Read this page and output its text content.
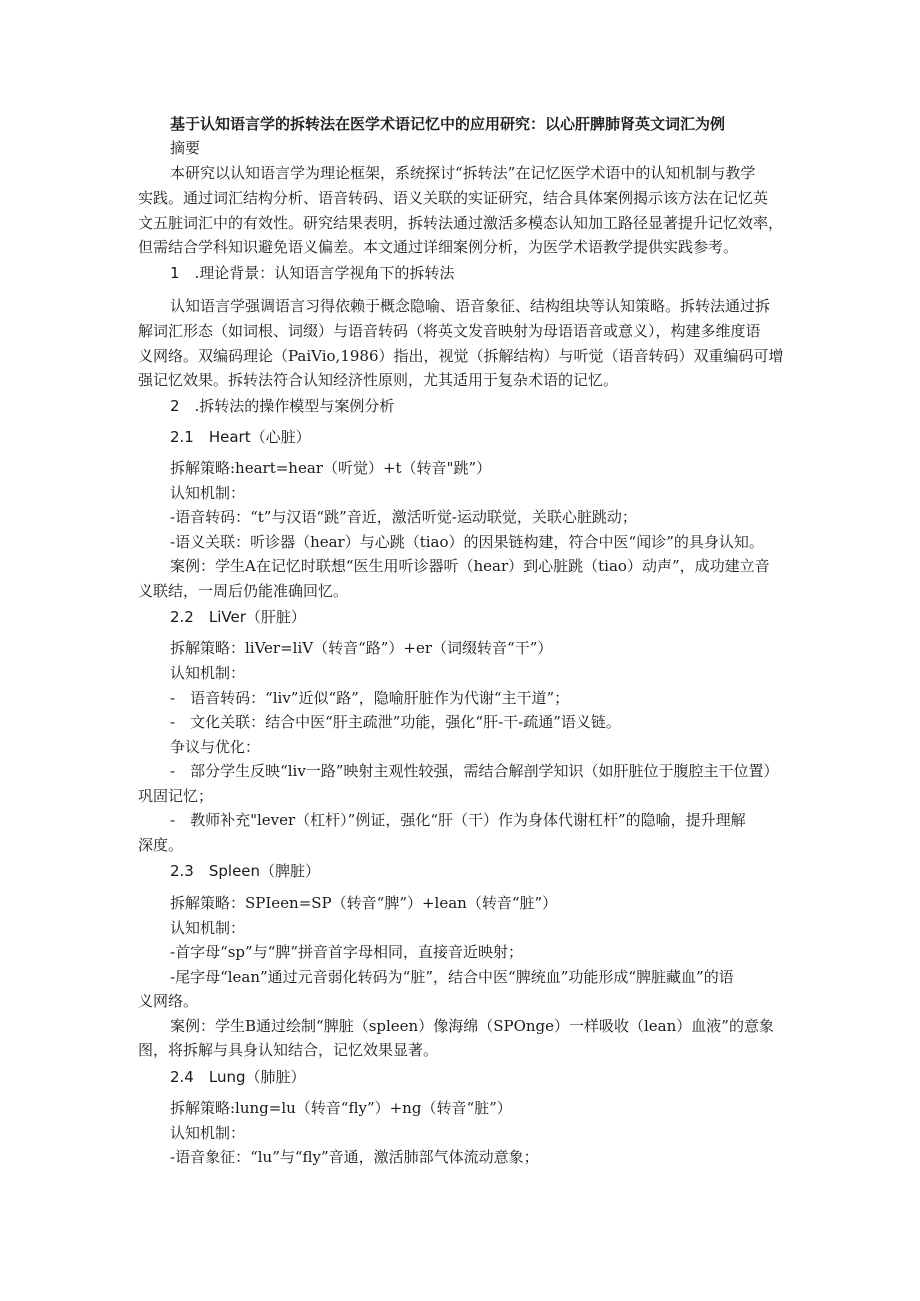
基于认知语言学的拆转法在医学术语记忆中的应用研究：以心肝脾肺肾英文词汇为例
摘要
本研究以认知语言学为理论框架，系统探讨“拆转法”在记忆医学术语中的认知机制与教学
实践。通过词汇结构分析、语音转码、语义关联的实证研究，结合具体案例揭示该方法在记忆英
文五脏词汇中的有效性。研究结果表明，拆转法通过激活多模态认知加工路径显著提升记忆效率，
但需结合学科知识避免语义偏差。本文通过详细案例分析，为医学术语教学提供实践参考。
1　.理论背景：认知语言学视角下的拆转法
认知语言学强调语言习得依赖于概念隐喻、语音象征、结构组块等认知策略。拆转法通过拆
解词汇形态（如词根、词缀）与语音转码（将英文发音映射为母语语音或意义），构建多维度语
义网络。双编码理论（PaiVio,1986）指出，视觉（拆解结构）与听觉（语音转码）双重编码可增
强记忆效果。拆转法符合认知经济性原则，尤其适用于复杂术语的记忆。
2　.拆转法的操作模型与案例分析
2.1　Heart（心脏）
拆解策略:heart=hear（听觉）+t（转音"跳”）
认知机制：
-语音转码：“t”与汉语“跳”音近，激活听觉-运动联觉，关联心脏跳动；
-语义关联：听诊器（hear）与心跳（tiao）的因果链构建，符合中医“闻诊”的具身认知。
案例：学生A在记忆时联想“医生用听诊器听（hear）到心脏跳（tiao）动声”，成功建立音
义联结，一周后仍能准确回忆。
2.2　LiVer（肝脏）
拆解策略：liVer=liV（转音“路”）+er（词缀转音“干”）
认知机制：
-　语音转码：“liv”近似“路”，隐喻肝脏作为代谢“主干道”；
-　文化关联：结合中医“肝主疏泄”功能，强化“肝-干-疏通”语义链。
争议与优化：
-　部分学生反映“liv一路”映射主观性较强，需结合解剖学知识（如肝脏位于腹腔主干位置）
巩固记忆；
-　教师补充"lever（杠杆）”例证，强化“肝（干）作为身体代谢杠杆”的隐喻，提升理解
深度。
2.3　Spleen（脾脏）
拆解策略：SPIeen=SP（转音“脾”）+lean（转音“脏”）
认知机制：
-首字母“sp”与“脾”拼音首字母相同，直接音近映射；
-尾字母“lean”通过元音弱化转码为“脏”，结合中医“脾统血”功能形成“脾脏藏血”的语
义网络。
案例：学生B通过绘制“脾脏（spleen）像海绵（SPOnge）一样吸收（lean）血液”的意象
图，将拆解与具身认知结合，记忆效果显著。
2.4　Lung（肺脏）
拆解策略:lung=lu（转音“fly”）+ng（转音“脏”）
认知机制：
-语音象征：“lu”与“fly”音通，激活肺部气体流动意象；
